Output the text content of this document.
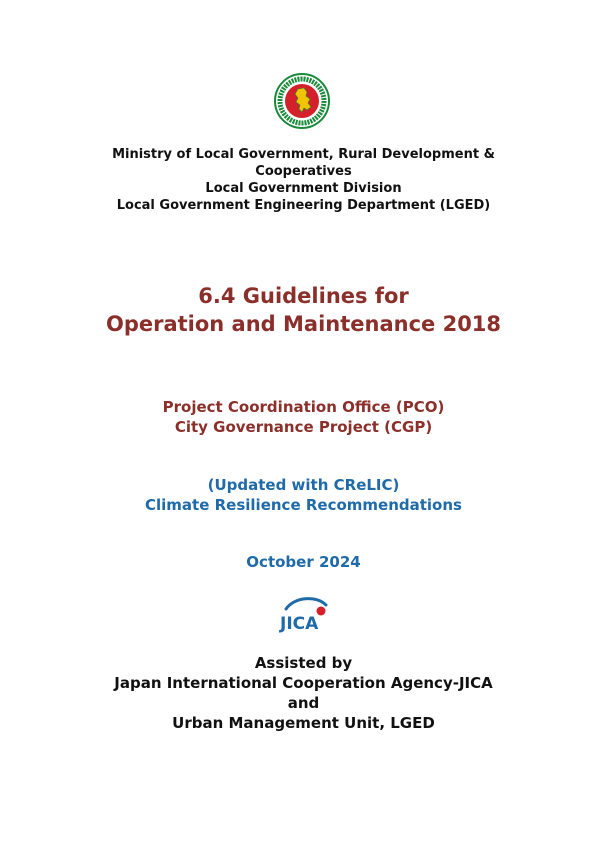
Ministry of Local Government, Rural Development &
Cooperatives
Local Government Division
Local Government Engineering Department (LGED)
6.4 Guidelines for
Operation and Maintenance 2018
Project Coordination Office (PCO)
City Governance Project (CGP)
(Updated with CReLIC)
Climate Resilience Recommendations
October 2024
JICA
Assisted by
Japan International Cooperation Agency-JICA
and
Urban Management Unit, LGED
